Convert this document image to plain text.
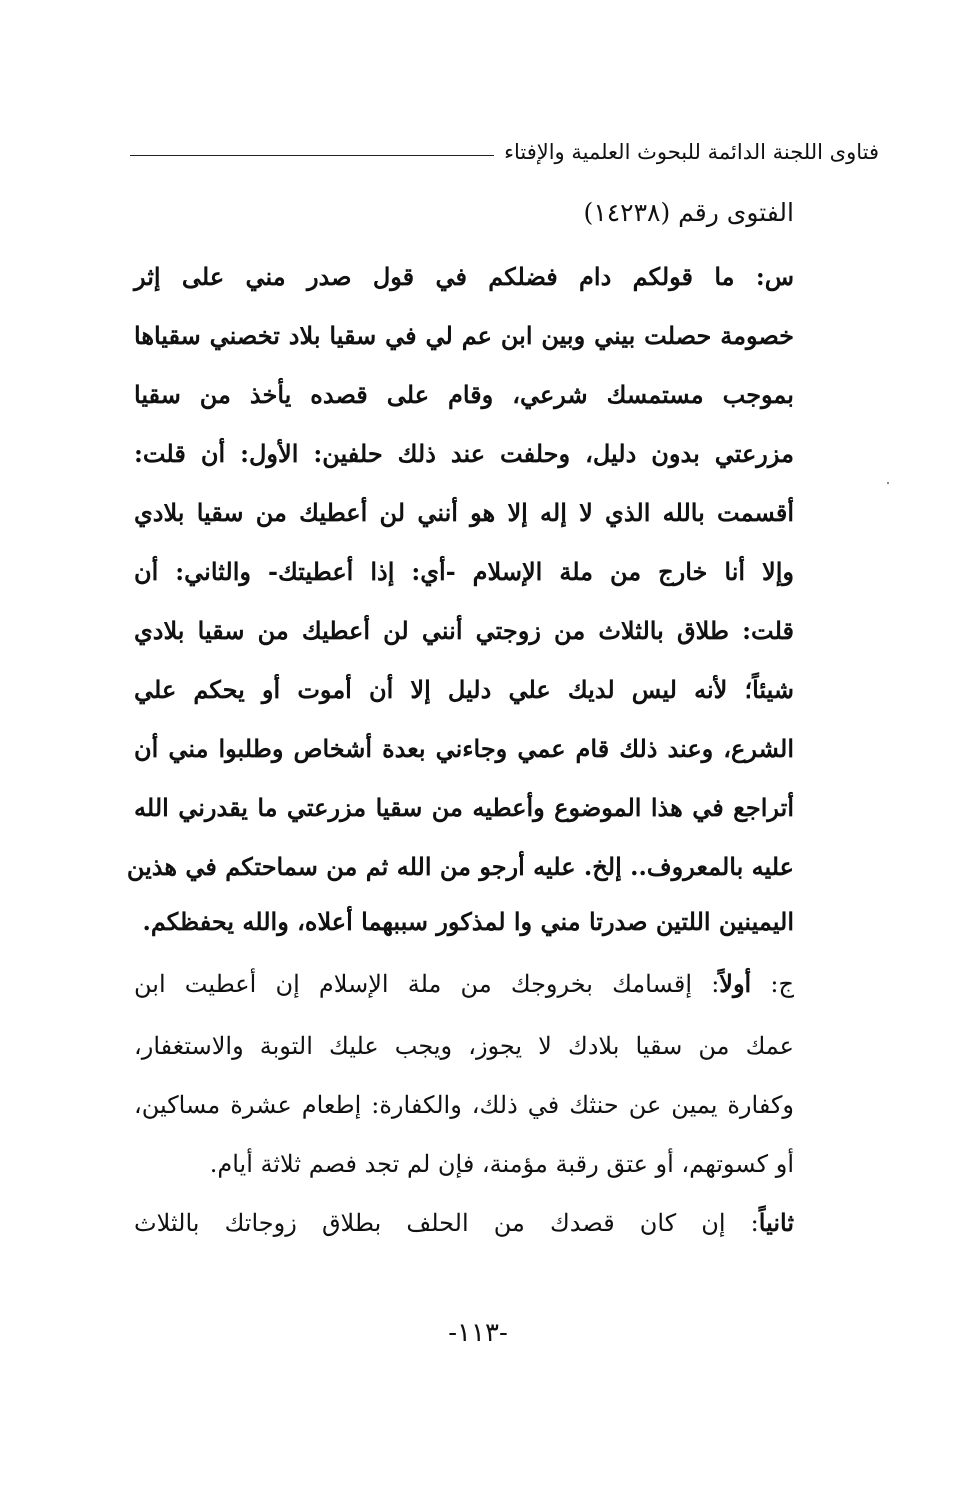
فتاوى اللجنة الدائمة للبحوث العلمية والإفتاء
الفتوى رقم (١٤٢٣٨)
س: ما قولكم دام فضلكم في قول صدر مني على إثر
خصومة حصلت بيني وبين ابن عم لي في سقيا بلاد تخصني سقياها
بموجب مستمسك شرعي، وقام على قصده يأخذ من سقيا
مزرعتي بدون دليل، وحلفت عند ذلك حلفين: الأول: أن قلت:
أقسمت بالله الذي لا إله إلا هو أنني لن أعطيك من سقيا بلادي
وإلا أنا خارج من ملة الإسلام -أي: إذا أعطيتك- والثاني: أن
قلت: طلاق بالثلاث من زوجتي أنني لن أعطيك من سقيا بلادي
شيئاً؛ لأنه ليس لديك علي دليل إلا أن أموت أو يحكم علي
الشرع، وعند ذلك قام عمي وجاءني بعدة أشخاص وطلبوا مني أن
أتراجع في هذا الموضوع وأعطيه من سقيا مزرعتي ما يقدرني الله
عليه بالمعروف.. إلخ. عليه أرجو من الله ثم من سماحتكم في هذين
اليمينين اللتين صدرتا مني وا لمذكور سببهما أعلاه، والله يحفظكم.
ج: أولاً: إقسامك بخروجك من ملة الإسلام إن أعطيت ابن
عمك من سقيا بلادك لا يجوز، ويجب عليك التوبة والاستغفار،
وكفارة يمين عن حنثك في ذلك، والكفارة: إطعام عشرة مساكين،
أو كسوتهم، أو عتق رقبة مؤمنة، فإن لم تجد فصم ثلاثة أيام.
ثانياً: إن كان قصدك من الحلف بطلاق زوجاتك بالثلاث
-١١٣-
